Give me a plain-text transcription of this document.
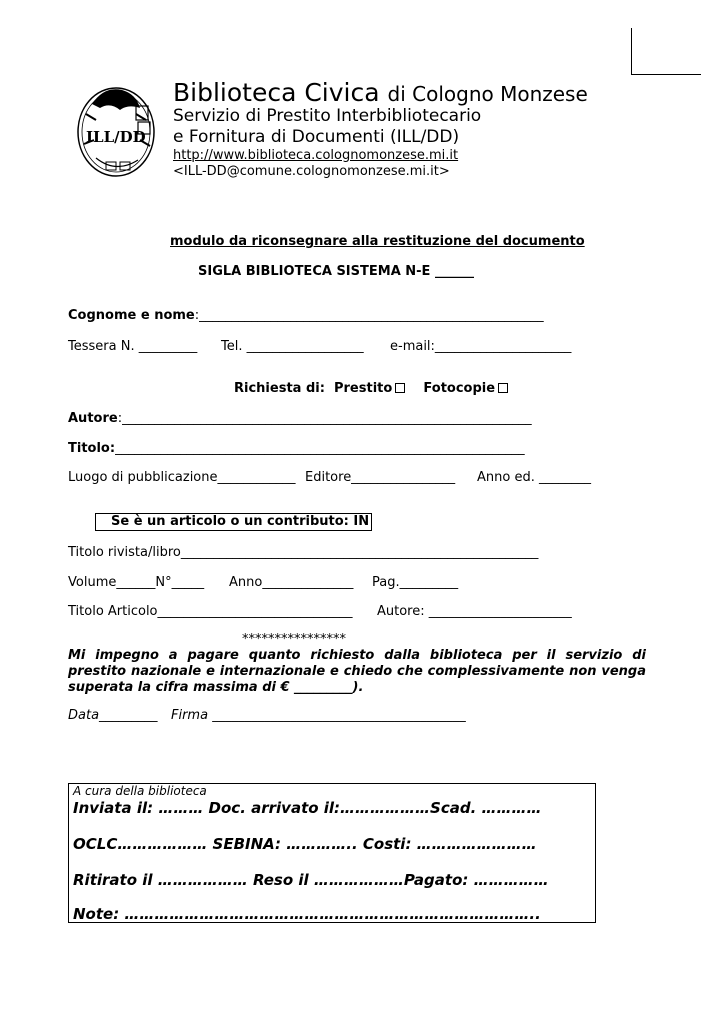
ILL/DD
Biblioteca Civica di Cologno Monzese
Servizio di Prestito Interbibliotecario
e Fornitura di Documenti (ILL/DD)
http://www.biblioteca.colognomonzese.mi.it
<ILL-DD@comune.colognomonzese.mi.it>
modulo da riconsegnare alla restituzione del documento
SIGLA BIBLIOTECA SISTEMA N-E ______
Cognome e nome:_____________________________________________________
Tessera N. _________ Tel. __________________ e-mail:_____________________
Richiesta di: Prestito Fotocopie
Autore:_______________________________________________________________
Titolo:_______________________________________________________________
Luogo di pubblicazione____________ Editore________________ Anno ed. ________
Se è un articolo o un contributo: IN
Titolo rivista/libro_______________________________________________________
Volume______N°_____ Anno______________ Pag._________
Titolo Articolo______________________________ Autore: ______________________
****************
Mi impegno a pagare quanto richiesto dalla biblioteca per il servizio di prestito nazionale e internazionale e chiedo che complessivamente non venga superata la cifra massima di € _________).
Data_________ Firma _______________________________________
A cura della biblioteca
Inviata il: ……… Doc. arrivato il:………………Scad. …………
OCLC……………… SEBINA: ………….. Costi: ……………………
Ritirato il ……………… Reso il ………………Pagato: ……………
Note: ………………………………………………………………………..
